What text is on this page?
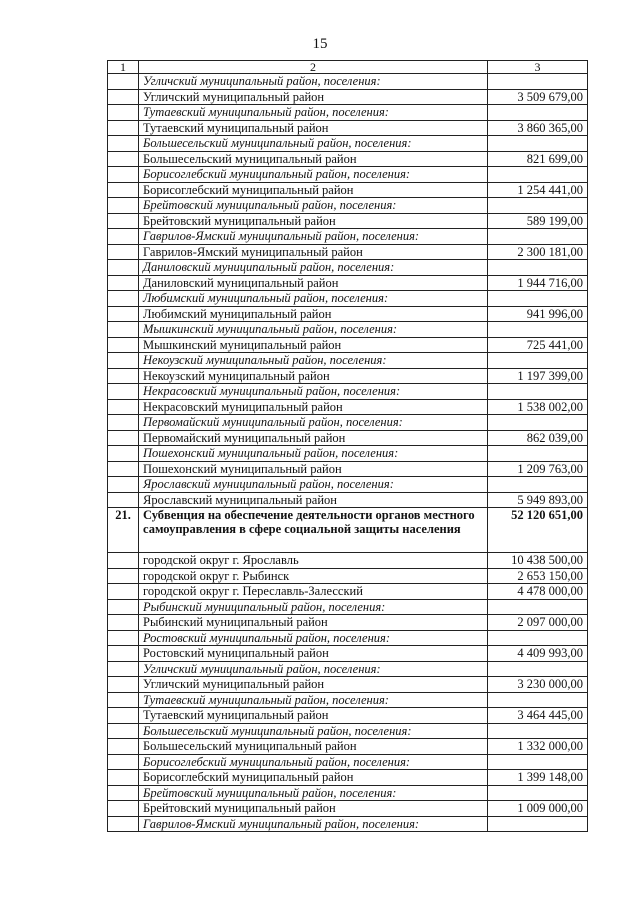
15
1	2	3
	Угличский муниципальный район, поселения:	
	Угличский муниципальный район	3 509 679,00
	Тутаевский муниципальный район, поселения:	
	Тутаевский муниципальный район	3 860 365,00
	Большесельский муниципальный район, поселения:	
	Большесельский муниципальный район	821 699,00
	Борисоглебский муниципальный район, поселения:	
	Борисоглебский муниципальный район	1 254 441,00
	Брейтовский муниципальный район, поселения:	
	Брейтовский муниципальный район	589 199,00
	Гаврилов-Ямский муниципальный район, поселения:	
	Гаврилов-Ямский муниципальный район	2 300 181,00
	Даниловский муниципальный район, поселения:	
	Даниловский муниципальный район	1 944 716,00
	Любимский муниципальный район, поселения:	
	Любимский муниципальный район	941 996,00
	Мышкинский муниципальный район, поселения:	
	Мышкинский муниципальный район	725 441,00
	Некоузский муниципальный район, поселения:	
	Некоузский муниципальный район	1 197 399,00
	Некрасовский муниципальный район, поселения:	
	Некрасовский муниципальный район	1 538 002,00
	Первомайский муниципальный район, поселения:	
	Первомайский муниципальный район	862 039,00
	Пошехонский муниципальный район, поселения:	
	Пошехонский муниципальный район	1 209 763,00
	Ярославский муниципальный район, поселения:	
	Ярославский муниципальный район	5 949 893,00
21.	Субвенция на обеспечение деятельности органов местного самоуправления в сфере социальной защиты населения	52 120 651,00
	городской округ г. Ярославль	10 438 500,00
	городской округ г. Рыбинск	2 653 150,00
	городской округ г. Переславль-Залесский	4 478 000,00
	Рыбинский муниципальный район, поселения:	
	Рыбинский муниципальный район	2 097 000,00
	Ростовский муниципальный район, поселения:	
	Ростовский муниципальный район	4 409 993,00
	Угличский муниципальный район, поселения:	
	Угличский муниципальный район	3 230 000,00
	Тутаевский муниципальный район, поселения:	
	Тутаевский муниципальный район	3 464 445,00
	Большесельский муниципальный район, поселения:	
	Большесельский муниципальный район	1 332 000,00
	Борисоглебский муниципальный район, поселения:	
	Борисоглебский муниципальный район	1 399 148,00
	Брейтовский муниципальный район, поселения:	
	Брейтовский муниципальный район	1 009 000,00
	Гаврилов-Ямский муниципальный район, поселения:	
